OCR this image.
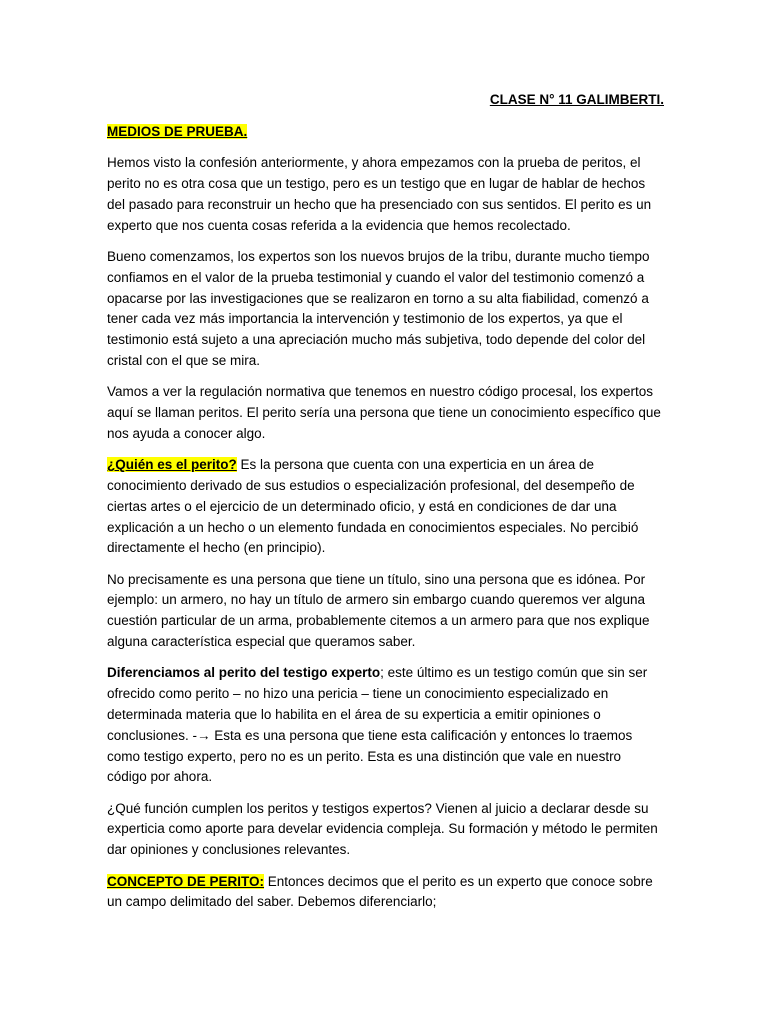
CLASE N° 11 GALIMBERTI.

MEDIOS DE PRUEBA.

Hemos visto la confesión anteriormente, y ahora empezamos con la prueba de peritos, el perito no es otra cosa que un testigo, pero es un testigo que en lugar de hablar de hechos del pasado para reconstruir un hecho que ha presenciado con sus sentidos. El perito es un experto que nos cuenta cosas referida a la evidencia que hemos recolectado.

Bueno comenzamos, los expertos son los nuevos brujos de la tribu, durante mucho tiempo confiamos en el valor de la prueba testimonial y cuando el valor del testimonio comenzó a opacarse por las investigaciones que se realizaron en torno a su alta fiabilidad, comenzó a tener cada vez más importancia la intervención y testimonio de los expertos, ya que el testimonio está sujeto a una apreciación mucho más subjetiva, todo depende del color del cristal con el que se mira.

Vamos a ver la regulación normativa que tenemos en nuestro código procesal, los expertos aquí se llaman peritos. El perito sería una persona que tiene un conocimiento específico que nos ayuda a conocer algo.

¿Quién es el perito? Es la persona que cuenta con una experticia en un área de conocimiento derivado de sus estudios o especialización profesional, del desempeño de ciertas artes o el ejercicio de un determinado oficio, y está en condiciones de dar una explicación a un hecho o un elemento fundada en conocimientos especiales. No percibió directamente el hecho (en principio).

No precisamente es una persona que tiene un título, sino una persona que es idónea. Por ejemplo: un armero, no hay un título de armero sin embargo cuando queremos ver alguna cuestión particular de un arma, probablemente citemos a un armero para que nos explique alguna característica especial que queramos saber.

Diferenciamos al perito del testigo experto; este último es un testigo común que sin ser ofrecido como perito – no hizo una pericia – tiene un conocimiento especializado en determinada materia que lo habilita en el área de su experticia a emitir opiniones o conclusiones. -→ Esta es una persona que tiene esta calificación y entonces lo traemos como testigo experto, pero no es un perito. Esta es una distinción que vale en nuestro código por ahora.

¿Qué función cumplen los peritos y testigos expertos? Vienen al juicio a declarar desde su experticia como aporte para develar evidencia compleja. Su formación y método le permiten dar opiniones y conclusiones relevantes.

CONCEPTO DE PERITO: Entonces decimos que el perito es un experto que conoce sobre un campo delimitado del saber. Debemos diferenciarlo;
